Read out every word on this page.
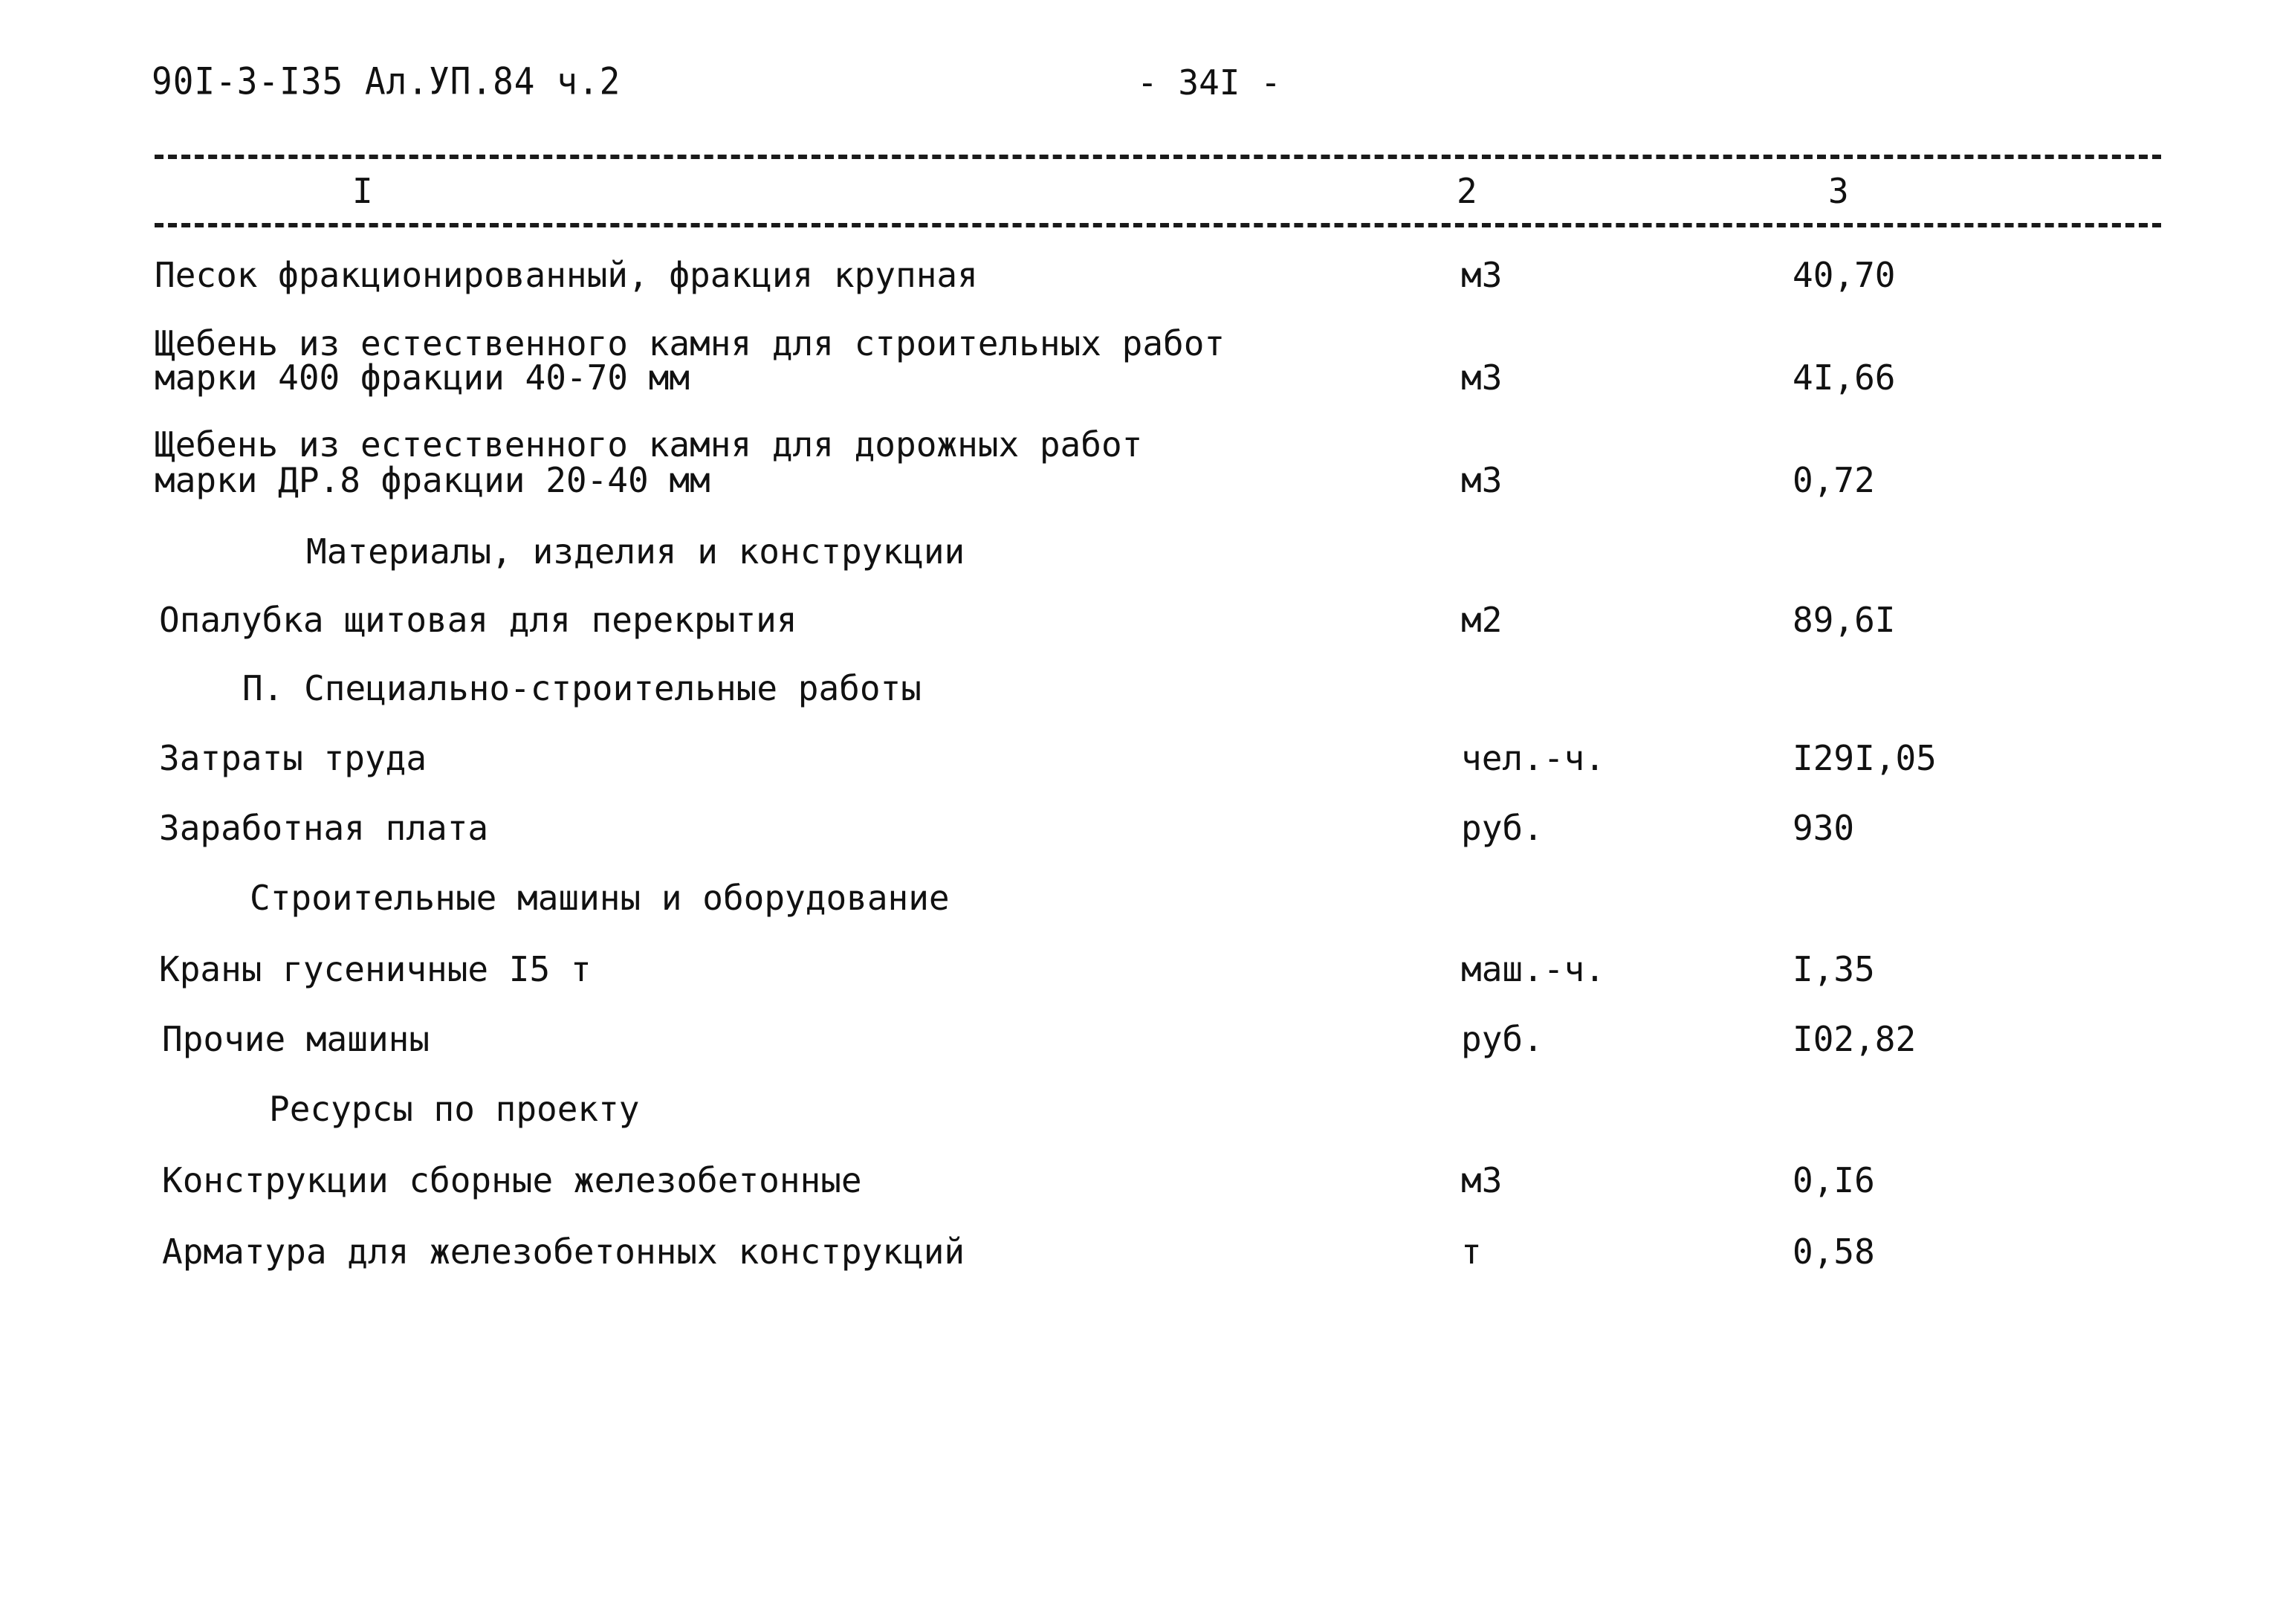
90I-3-I35 Ал.УП.84 ч.2	- 34I -
I	2	3
Песок фракционированный, фракция крупная	м3	40,70
Щебень из естественного камня для строительных работ
марки 400 фракции 40-70 мм	м3	4I,66
Щебень из естественного камня для дорожных работ
марки ДР.8 фракции 20-40 мм	м3	0,72
Материалы, изделия и конструкции
Опалубка щитовая для перекрытия	м2	89,6I
П. Специально-строительные работы
Затраты труда	чел.-ч.	I29I,05
Заработная плата	руб.	930
Строительные машины и оборудование
Краны гусеничные I5 т	маш.-ч.	I,35
Прочие машины	руб.	I02,82
Ресурсы по проекту
Конструкции сборные железобетонные	м3	0,I6
Арматура для железобетонных конструкций	т	0,58
